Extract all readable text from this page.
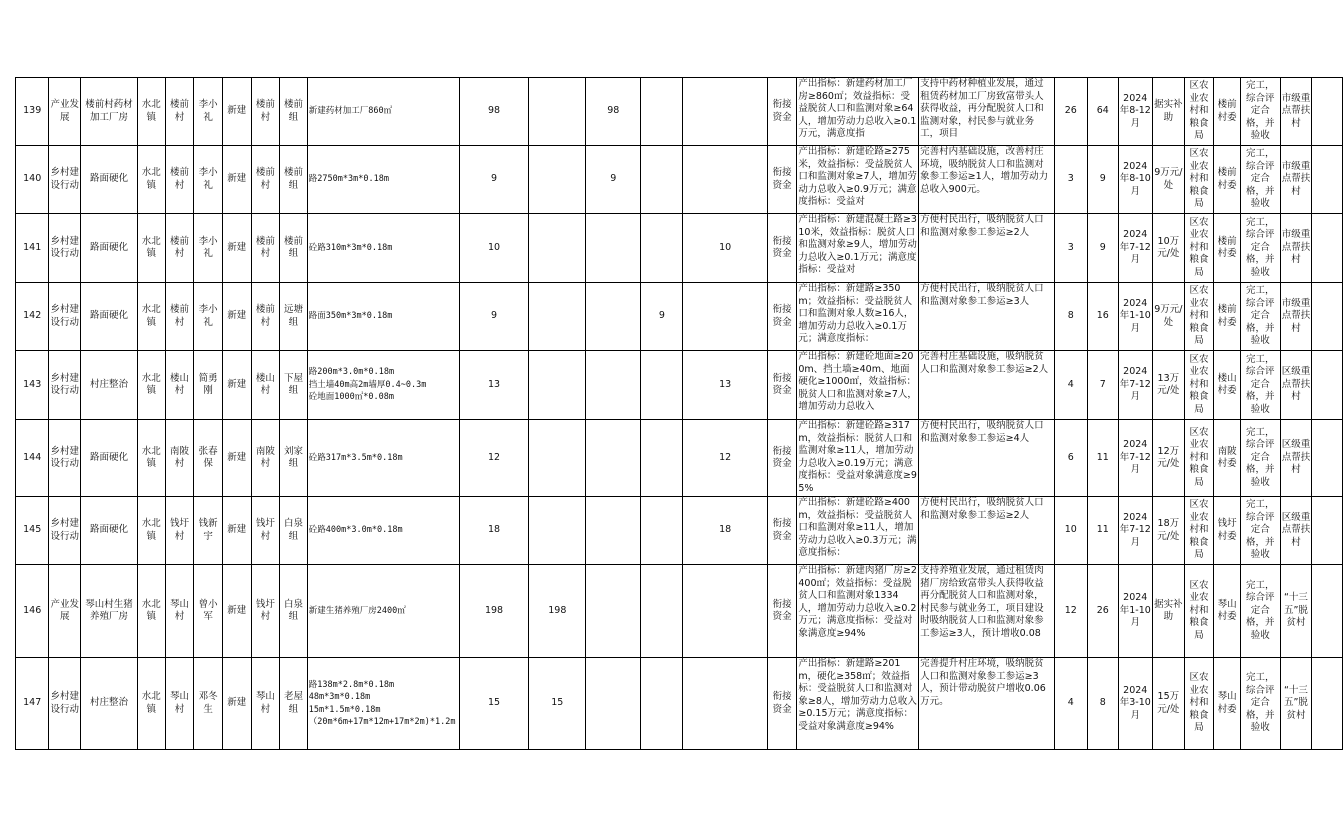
139	产业发展	楼前村药材加工厂房	水北镇	楼前村	李小礼	新建	楼前村	楼前组	新建药材加工厂860㎡	98		98			衔接资金	产出指标：新建药材加工厂房≥860㎡；效益指标：受益脱贫人口和监测对象≥64人，增加劳动力总收入≥0.1万元，满意度指	支持中药材种植业发展，通过租赁药材加工厂房致富带头人获得收益，再分配脱贫人口和监测对象，村民参与就业务工，项目	26	64	2024年8-12月	据实补助	区农业农村和粮食局	楼前村委	完工，综合评定合格，并验收	市级重点帮扶村	
140	乡村建设行动	路面硬化	水北镇	楼前村	李小礼	新建	楼前村	楼前组	路2750m*3m*0.18m	9		9			衔接资金	产出指标：新建砼路≥275米，效益指标：受益脱贫人口和监测对象≥7人，增加劳动力总收入≥0.9万元；满意度指标：受益对	完善村内基础设施，改善村庄环境，吸纳脱贫人口和监测对象参工参运≥1人，增加劳动力总收入900元。	3	9	2024年8-10月	9万元/处	区农业农村和粮食局	楼前村委	完工，综合评定合格，并验收	市级重点帮扶村	
141	乡村建设行动	路面硬化	水北镇	楼前村	李小礼	新建	楼前村	楼前组	砼路310m*3m*0.18m	10				10	衔接资金	产出指标：新建混凝土路≥310米，效益指标：脱贫人口和监测对象≥9人，增加劳动力总收入≥0.1万元；满意度指标：受益对	方便村民出行，吸纳脱贫人口和监测对象参工参运≥2人	3	9	2024年7-12月	10万元/处	区农业农村和粮食局	楼前村委	完工，综合评定合格，并验收	市级重点帮扶村	
142	乡村建设行动	路面硬化	水北镇	楼前村	李小礼	新建	楼前村	远塘组	路面350m*3m*0.18m	9			9		衔接资金	产出指标：新建路≥350m；效益指标：受益脱贫人口和监测对象人数≥16人，增加劳动力总收入≥0.1万元；满意度指标：	方便村民出行，吸纳脱贫人口和监测对象参工参运≥3人	8	16	2024年1-10月	9万元/处	区农业农村和粮食局	楼前村委	完工，综合评定合格，并验收	市级重点帮扶村	
143	乡村建设行动	村庄整治	水北镇	楼山村	简勇刚	新建	楼山村	下屋组	路200m*3.0m*0.18m
挡土墙40m高2m墙厚0.4~0.3m
砼地面1000㎡*0.08m	13				13	衔接资金	产出指标：新建砼地面≥200m、挡土墙≥40m、地面硬化≥1000㎡，效益指标：脱贫人口和监测对象≥7人，增加劳动力总收入	完善村庄基础设施，吸纳脱贫人口和监测对象参工参运≥2人	4	7	2024年7-12月	13万元/处	区农业农村和粮食局	楼山村委	完工，综合评定合格，并验收	区级重点帮扶村	
144	乡村建设行动	路面硬化	水北镇	南陂村	张春保	新建	南陂村	刘家组	砼路317m*3.5m*0.18m	12				12	衔接资金	产出指标：新建砼路≥317m，效益指标：脱贫人口和监测对象≥11人，增加劳动力总收入≥0.19万元；满意度指标：受益对象满意度≥95%	方便村民出行，吸纳脱贫人口和监测对象参工参运≥4人	6	11	2024年7-12月	12万元/处	区农业农村和粮食局	南陂村委	完工，综合评定合格，并验收	区级重点帮扶村	
145	乡村建设行动	路面硬化	水北镇	钱圩村	钱新宇	新建	钱圩村	白泉组	砼路400m*3.0m*0.18m	18				18	衔接资金	产出指标：新建砼路≥400m，效益指标：受益脱贫人口和监测对象≥11人，增加劳动力总收入≥0.3万元；满意度指标：	方便村民出行，吸纳脱贫人口和监测对象参工参运≥2人	10	11	2024年7-12月	18万元/处	区农业农村和粮食局	钱圩村委	完工，综合评定合格，并验收	区级重点帮扶村	
146	产业发展	琴山村生猪养殖厂房	水北镇	琴山村	曾小军	新建	钱圩村	白泉组	新建生猪养殖厂房2400㎡	198	198				衔接资金	产出指标：新建肉猪厂房≥2400㎡；效益指标：受益脱贫人口和监测对象1334人，增加劳动力总收入≥0.2万元；满意度指标：受益对象满意度≥94%	支持养殖业发展，通过租赁肉猪厂房给致富带头人获得收益再分配脱贫人口和监测对象，村民参与就业务工，项目建设时吸纳脱贫人口和监测对象参工参运≥3人，预计增收0.08	12	26	2024年1-10月	据实补助	区农业农村和粮食局	琴山村委	完工，综合评定合格，并验收	“十三五”脱贫村	
147	乡村建设行动	村庄整治	水北镇	琴山村	邓冬生	新建	琴山村	老屋组	路138m*2.8m*0.18m
48m*3m*0.18m
15m*1.5m*0.18m
（20m*6m+17m*12m+17m*2m)*1.2m	15	15				衔接资金	产出指标：新建路≥201m，硬化≥358㎡；效益指标：受益脱贫人口和监测对象≥8人，增加劳动力总收入≥0.15万元；满意度指标：受益对象满意度≥94%	完善提升村庄环境，吸纳脱贫人口和监测对象参工参运≥3人，预计带动脱贫户增收0.06万元。	4	8	2024年3-10月	15万元/处	区农业农村和粮食局	琴山村委	完工，综合评定合格，并验收	“十三五”脱贫村	
